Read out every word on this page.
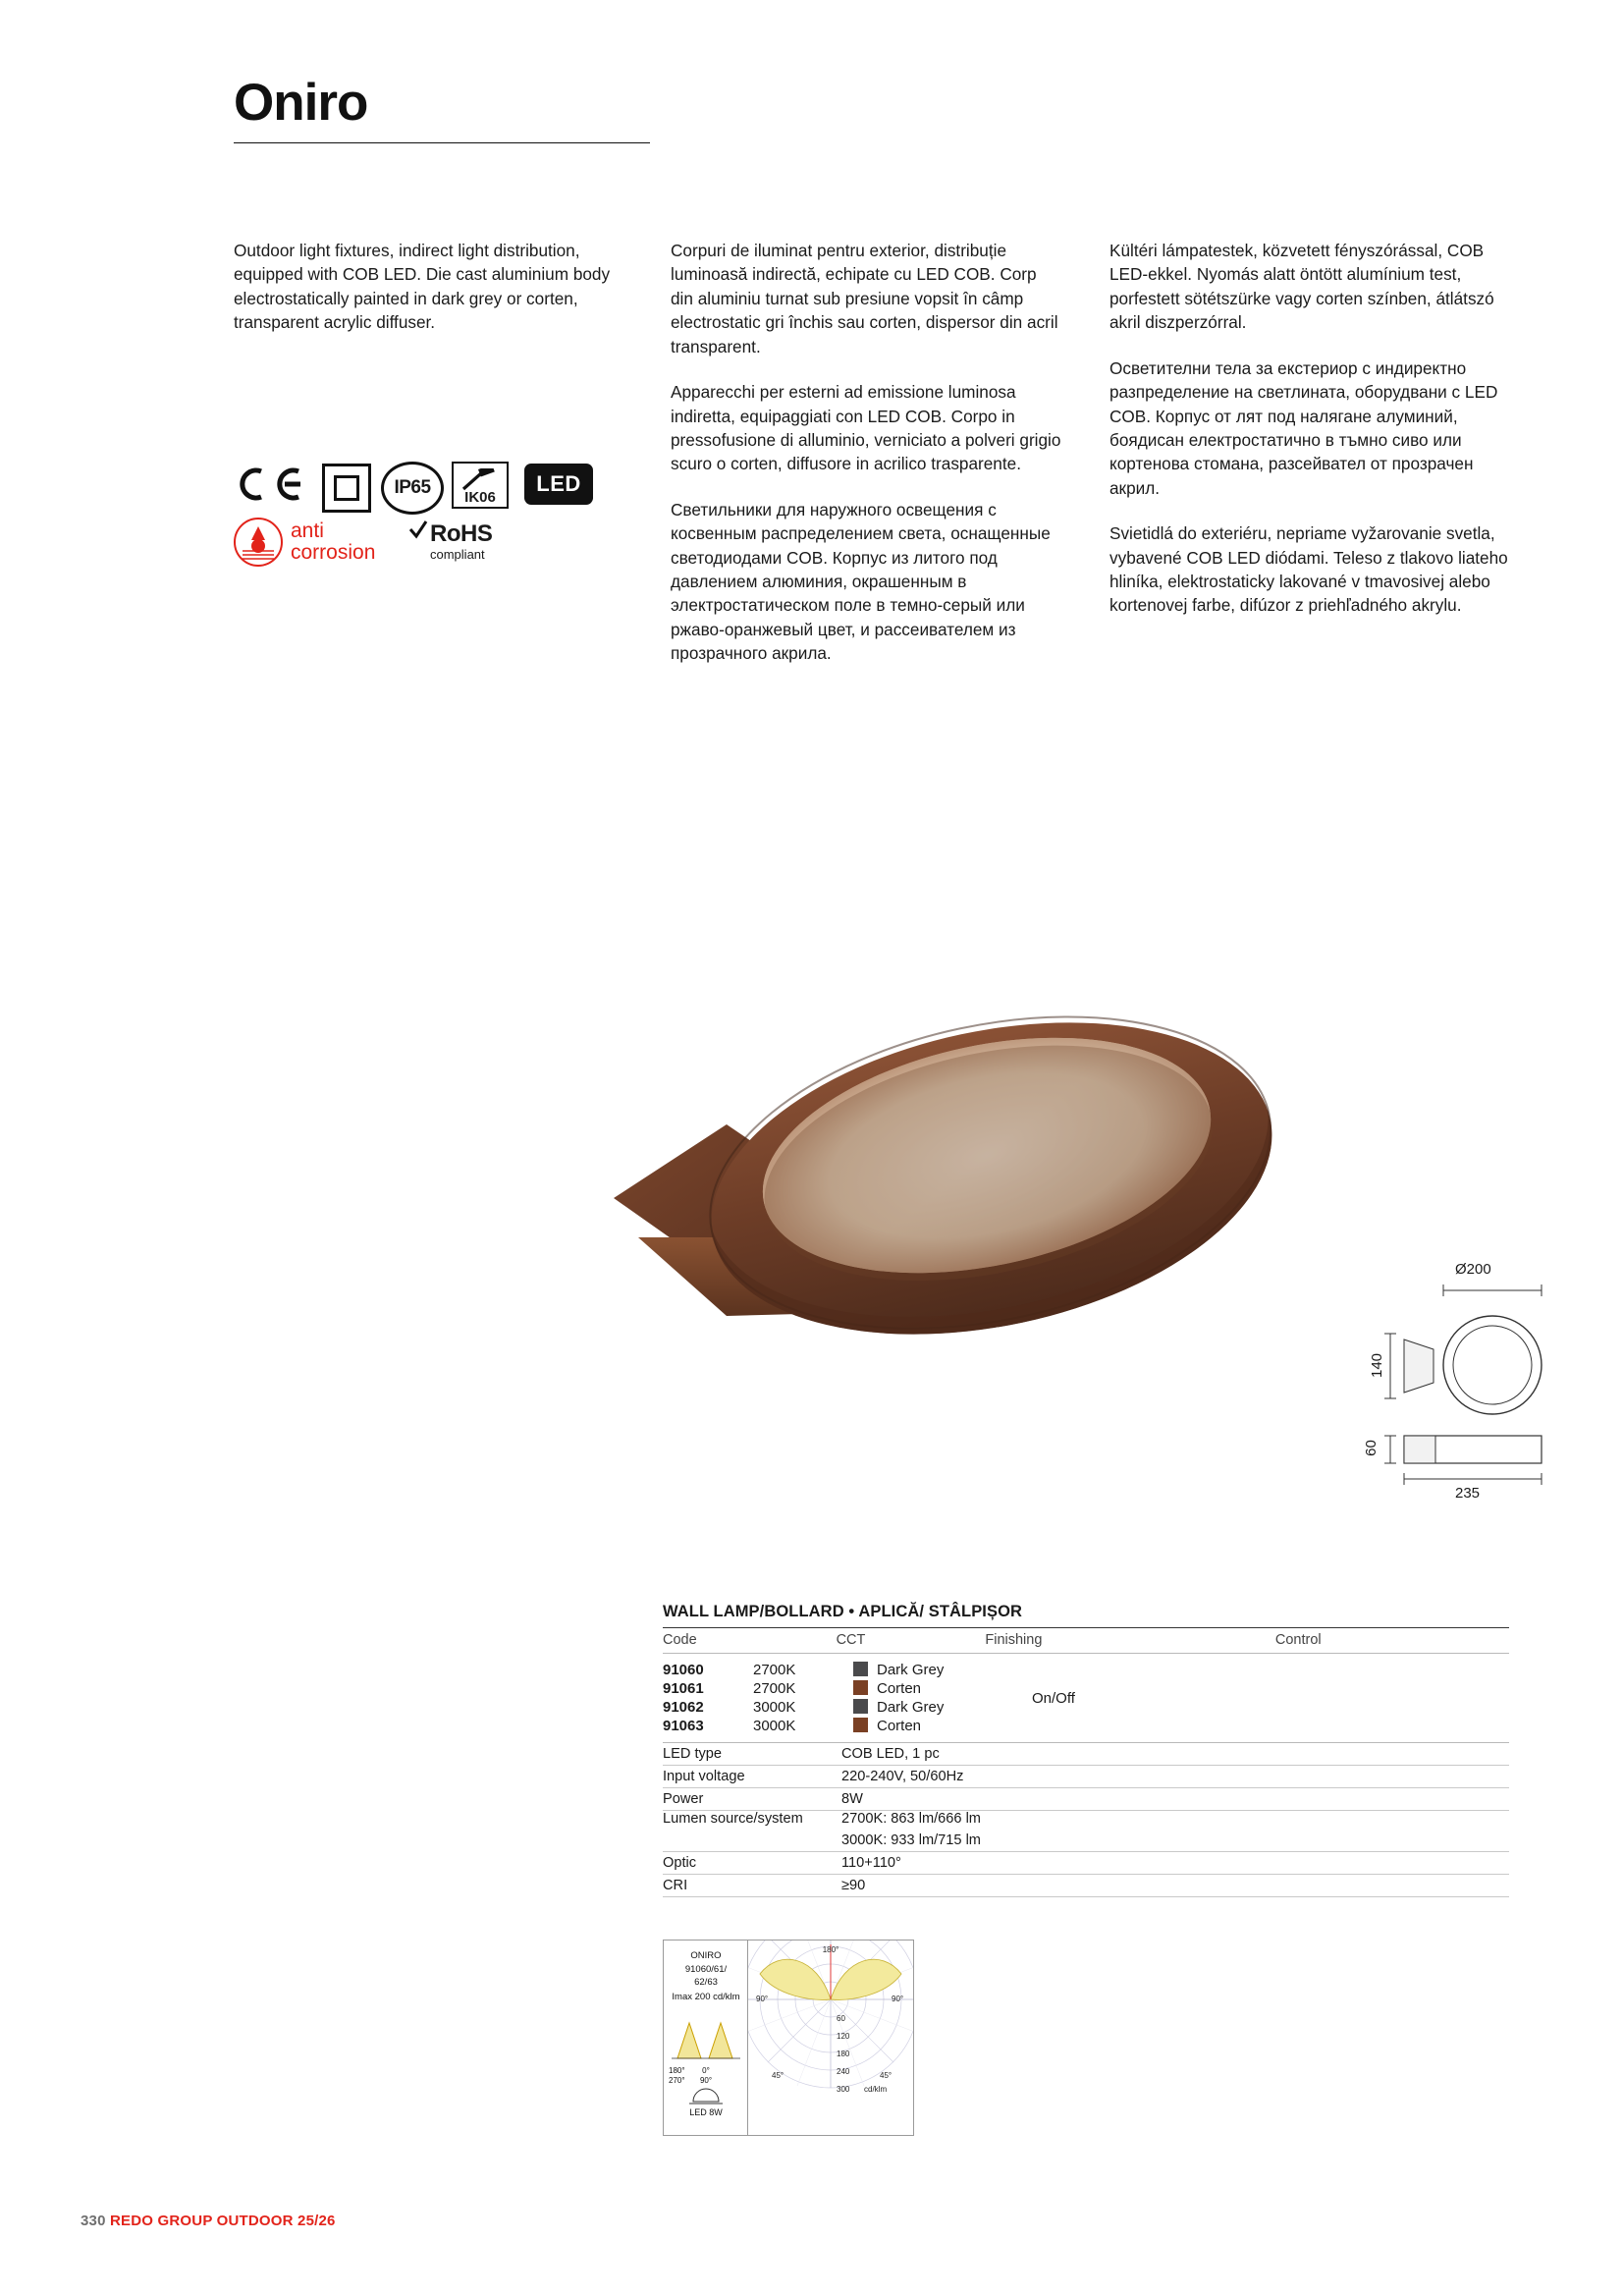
Oniro

Outdoor light fixtures, indirect light distribution, equipped with COB LED. Die cast aluminium body electrostatically painted in dark grey or corten, transparent acrylic diffuser.

Corpuri de iluminat pentru exterior, distribuție luminoasă indirectă, echipate cu LED COB. Corp din aluminiu turnat sub presiune vopsit în câmp electrostatic gri închis sau corten, dispersor din acril transparent.

Apparecchi per esterni ad emissione luminosa indiretta, equipaggiati con LED COB. Corpo in pressofusione di alluminio, verniciato a polveri grigio scuro o corten, diffusore in acrilico trasparente.

Светильники для наружного освещения с косвенным распределением света, оснащенные светодиодами COB. Корпус из литого под давлением алюминия, окрашенным в электростатическом поле в темно-серый или ржаво-оранжевый цвет, и рассеивателем из прозрачного акрила.

Kültéri lámpatestek, közvetett fényszórással, COB LED-ekkel. Nyomás alatt öntött alumínium test, porfestett sötétszürke vagy corten színben, átlátszó akril diszperzórral.

Осветителни тела за екстериор с индиректно разпределение на светлината, оборудвани с LED COB. Корпус от лят под налягане алуминий, боядисан електростатично в тъмно сиво или кортенова стомана, разсейвател от прозрачен акрил.

Svietidlá do exteriéru, nepriame vyžarovanie svetla, vybavené COB LED diódami. Teleso z tlakovo liateho hliníka, elektrostaticky lakované v tmavosivej alebo kortenovej farbe, difúzor z priehľadného akrylu.

IP65	IK06
LED
anti
corrosion
RoHS
compliant
Ø200
140
60
235
WALL LAMP/BOLLARD • APLICĂ/ STÂLPIȘOR
Code	CCT	Finishing	Control
91060	2700K	Dark Grey	On/Off
91061	2700K	Corten	
91062	3000K	Dark Grey	
91063	3000K	Corten	
LED type	COB LED, 1 pc
Input voltage	220-240V, 50/60Hz
Power	8W
Lumen source/system	2700K: 863 lm/666 lm
	3000K: 933 lm/715 lm
Optic	110+110°
CRI	≥90
ONIRO
91060/61/
62/63
Imax 200 cd/klm
180°	0°
270°	90°
LED 8W
180°
90°	90°
45°	45°
60
120
180
240
300 cd/klm
330 REDO GROUP OUTDOOR 25/26
